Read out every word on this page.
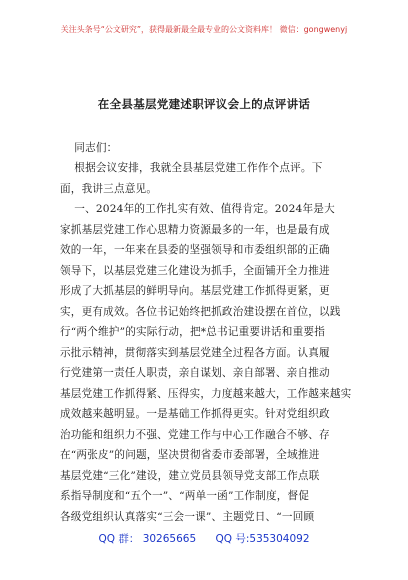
关注头条号“公文研究”，获得最新最全最专业的公文资料库！ 微信：gongwenyj
在全县基层党建述职评议会上的点评讲话

同志们：
根据会议安排，我就全县基层党建工作作个点评。下
面，我讲三点意见。
一、2024年的工作扎实有效、值得肯定。2024年是大
家抓基层党建工作心思精力资源最多的一年，也是最有成
效的一年，一年来在县委的坚强领导和市委组织部的正确
领导下，以基层党建三化建设为抓手，全面铺开全力推进
形成了大抓基层的鲜明导向。基层党建工作抓得更紧，更
实，更有成效。各位书记始终把抓政治建设摆在首位，以践
行“两个维护”的实际行动，把*总书记重要讲话和重要指
示批示精神，贯彻落实到基层党建全过程各方面。认真履
行党建第一责任人职责，亲自谋划、亲自部署、亲自推动
基层党建工作抓得紧、压得实，力度越来越大，工作越来越实
成效越来越明显。一是基础工作抓得更实。针对党组织政
治功能和组织力不强、党建工作与中心工作融合不够、存
在“两张皮”的问题，坚决贯彻省委市委部署，全域推进
基层党建“三化”建设，建立党员县领导党支部工作点联
系指导制度和“五个一”、“两单一函”工作制度，督促
各级党组织认真落实“三会一课”、主题党日、“一回顾
QQ 群： 30265665 QQ 号:535304092
